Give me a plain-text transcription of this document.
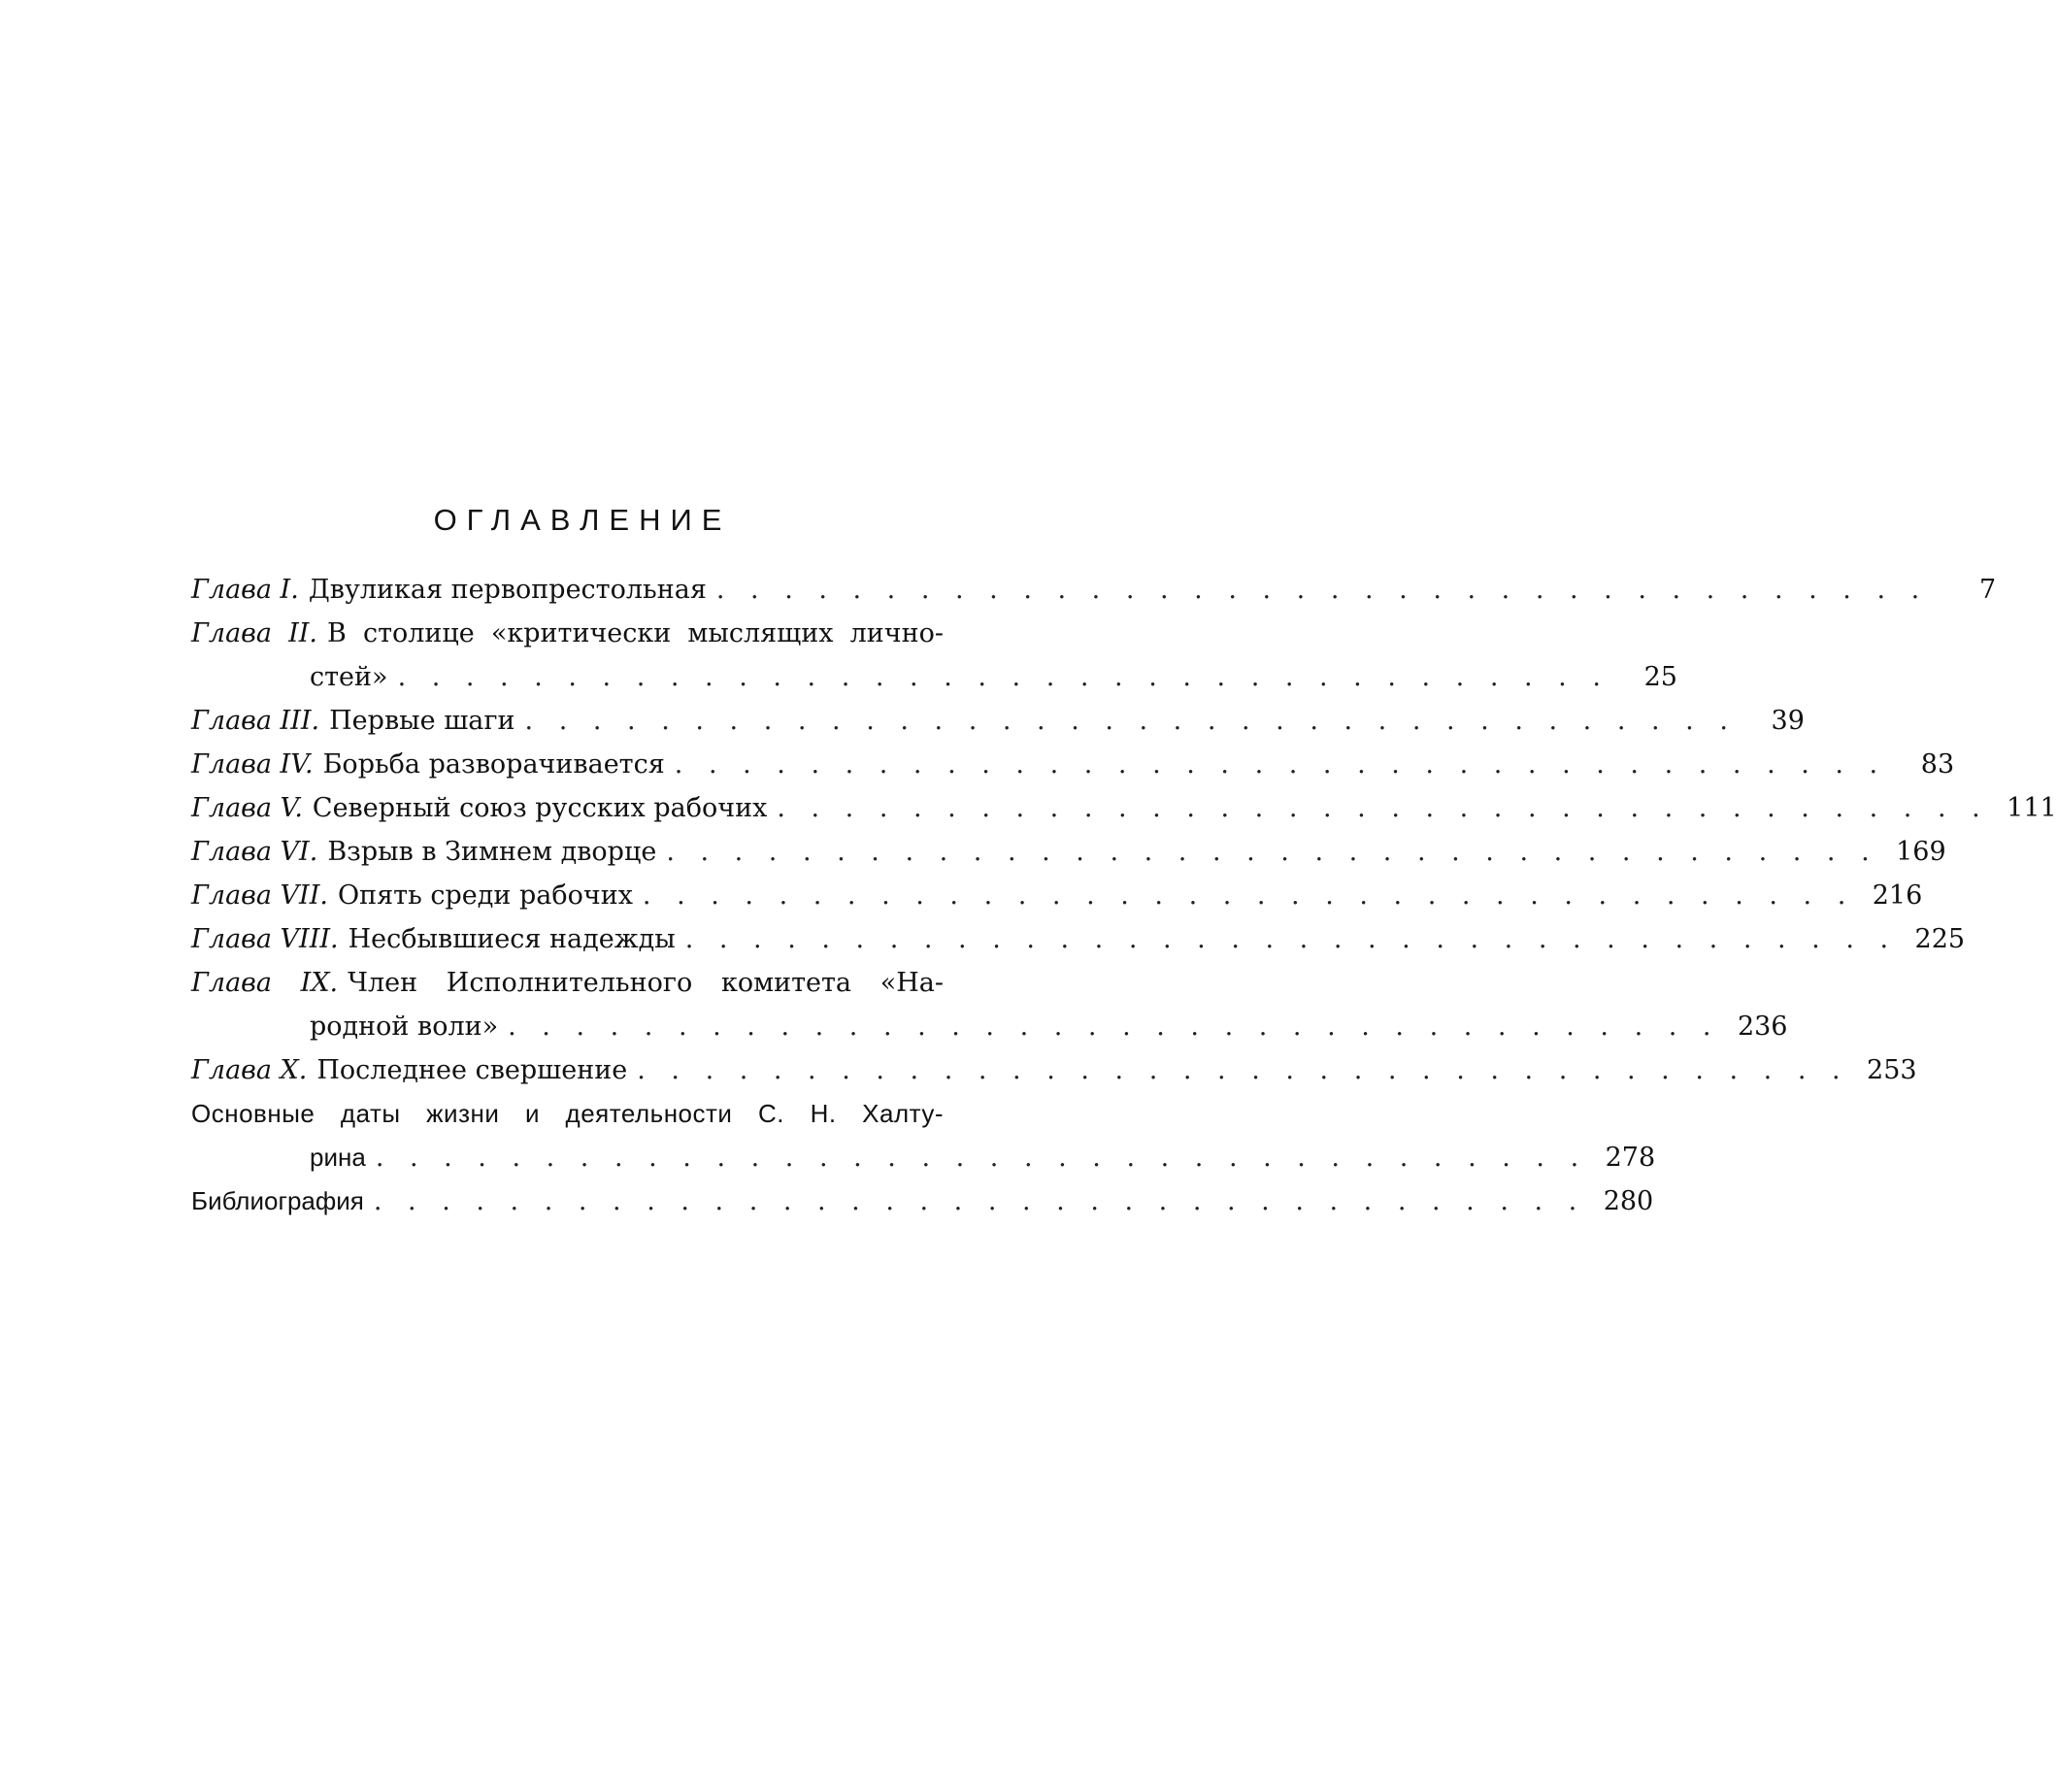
ОГЛАВЛЕНИЕ
Глава I. Двуликая первопрестольная . . .	7
Глава II. В столице «критически мыслящих лично-
стей» . . .	25
Глава III. Первые шаги . . .	39
Глава IV. Борьба разворачивается . . .	83
Глава V. Северный союз русских рабочих . . .	111
Глава VI. Взрыв в Зимнем дворце . . .	169
Глава VII. Опять среди рабочих . . .	216
Глава VIII. Несбывшиеся надежды . . .	225
Глава IX. Член Исполнительного комитета «На-
родной воли» . . .	236
Глава X. Последнее свершение . . .	253
Основные даты жизни и деятельности С. Н. Халту-
рина . . .	278
Библиография . . .	280
